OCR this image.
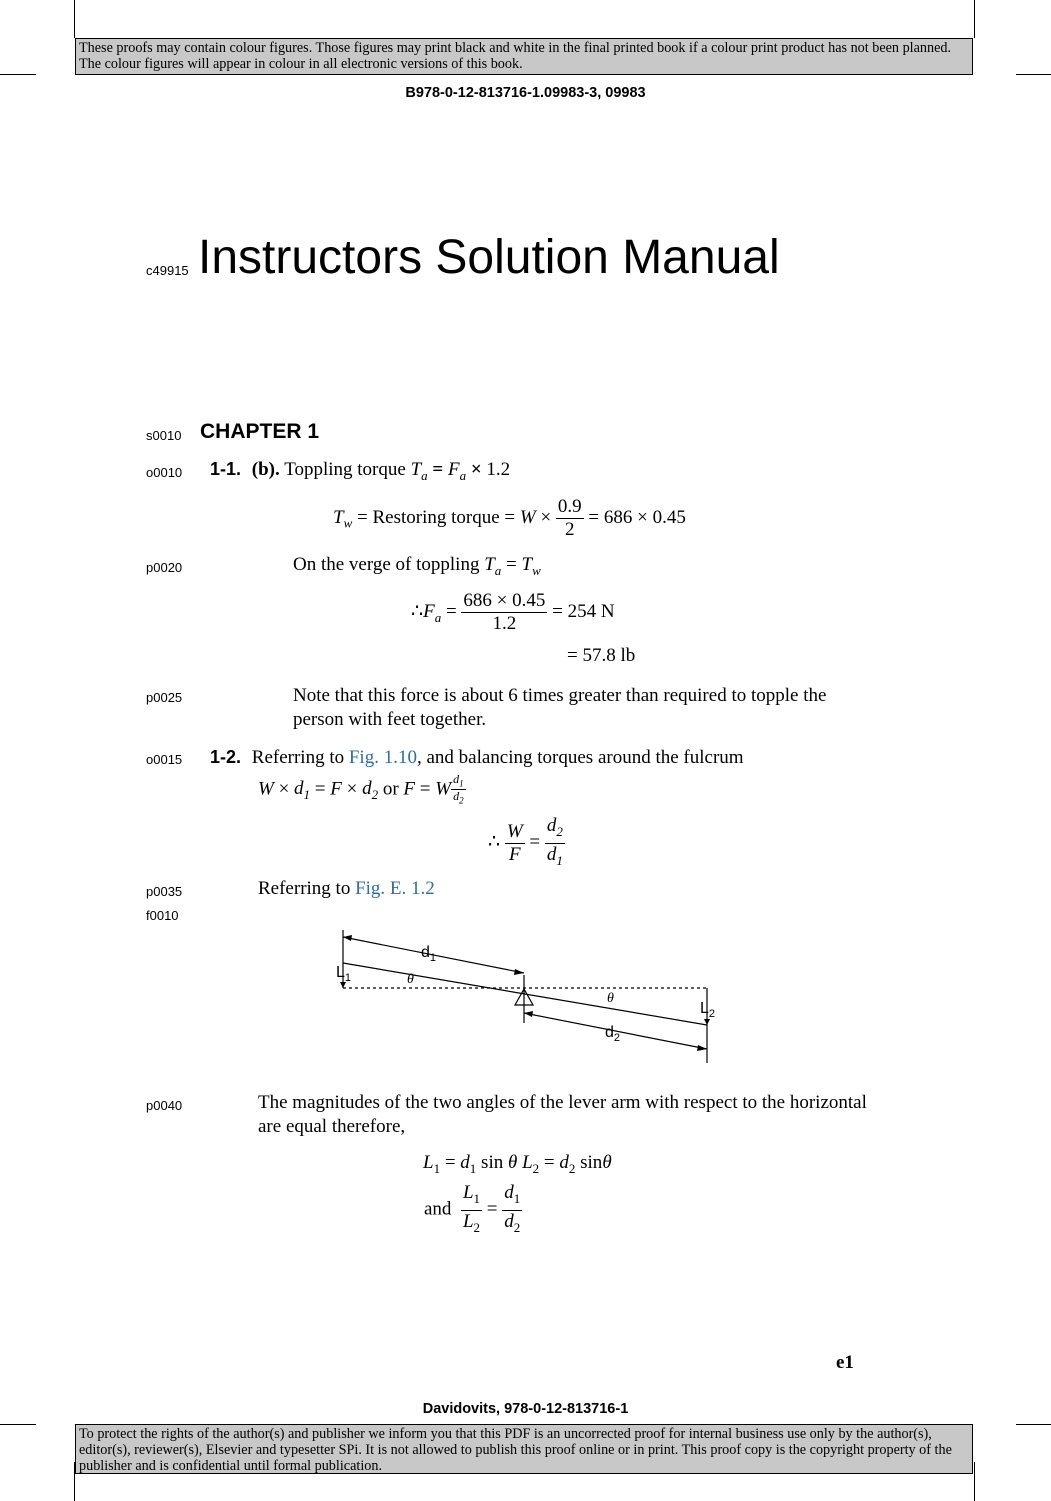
These proofs may contain colour figures. Those figures may print black and white in the final printed book if a colour print product has not been planned. The colour figures will appear in colour in all electronic versions of this book.
B978-0-12-813716-1.09983-3, 09983
c49915 Instructors Solution Manual
s0010 CHAPTER 1
o0010 1-1. (b). Toppling torque $T_a = F_a \times 1.2$
$T_w$ = Restoring torque = $W \times \frac{0.9}{2} = 686 \times 0.45$
p0020	On the verge of toppling $T_a = T_w$
$\therefore F_a = \frac{686 \times 0.45}{1.2} = 254$ N
= 57.8 lb
p0025	Note that this force is about 6 times greater than required to topple the person with feet together.
o0015 1-2. Referring to Fig. 1.10, and balancing torques around the fulcrum
$W \times d_1 = F \times d_2$ or F = W $\frac{d_1}{d_2}$
∴ $\frac{W}{F} = \frac{d_2}{d_1}$
p0035	Referring to Fig. E. 1.2
f0010
$d_1$
$L_1$
$d_2$
$L_2$
θ
θ
p0040	The magnitudes of the two angles of the lever arm with respect to the horizontal are equal therefore,
$L_1 = d_1$ sin θ $L_2 = d_2$ sinθ
and $\frac{L_1}{L_2} = \frac{d_1}{d_2}$
e1
Davidovits, 978-0-12-813716-1
To protect the rights of the author(s) and publisher we inform you that this PDF is an uncorrected proof for internal business use only by the author(s), editor(s), reviewer(s), Elsevier and typesetter SPi. It is not allowed to publish this proof online or in print. This proof copy is the copyright property of the publisher and is confidential until formal publication.
